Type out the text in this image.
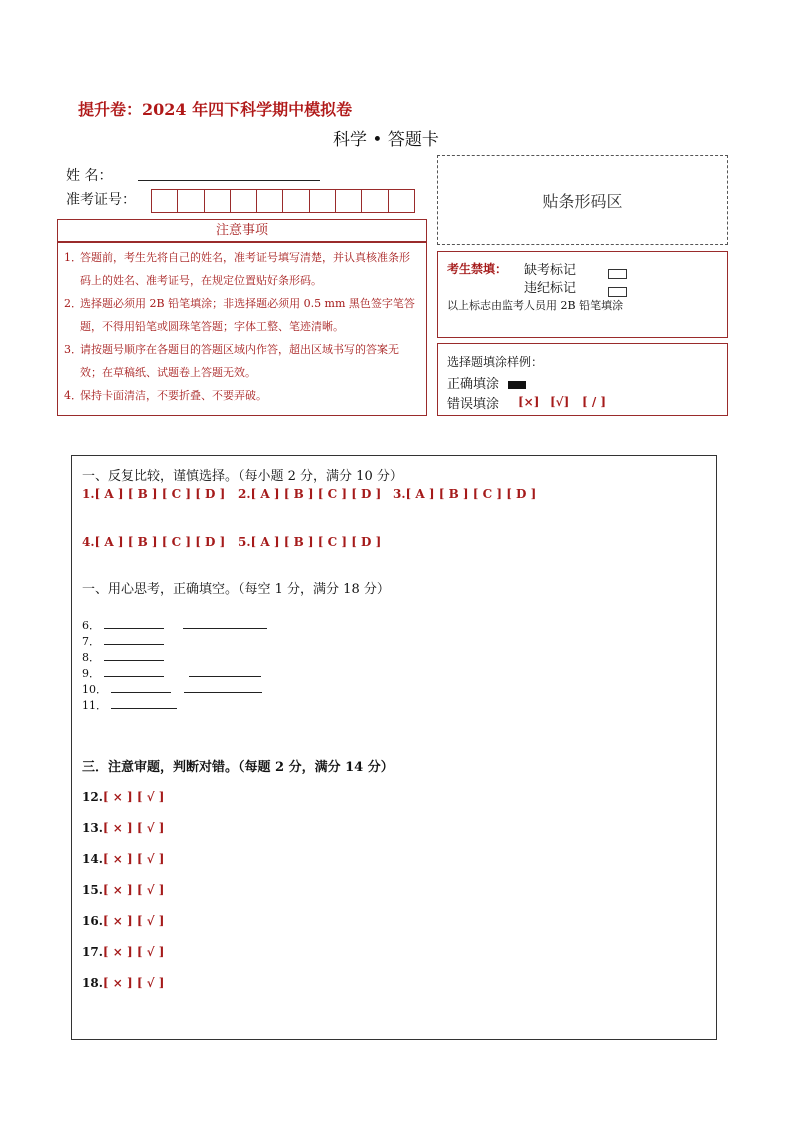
提升卷：2024 年四下科学期中模拟卷
科学 • 答题卡
姓 名：
准考证号：	贴条形码区
注意事项
1．
答题前，考生先将自己的姓名，准考证号填写清楚，并认真核准条形码上的姓名、准考证号，在规定位置贴好条形码。
2．
选择题必须用 2B 铅笔填涂；非选择题必须用 0.5 mm 黑色签字笔答题，不得用铅笔或圆珠笔答题；字体工整、笔迹清晰。
3．
请按题号顺序在各题目的答题区域内作答，超出区域书写的答案无效；在草稿纸、试题卷上答题无效。
4．
保持卡面清洁，不要折叠、不要弄破。
考生禁填： 缺考标记
违纪标记
以上标志由监考人员用 2B 铅笔填涂
选择题填涂样例：
正确填涂
错误填涂 [×] [√] [ / ]
一、反复比较，谨慎选择。（每小题 2 分，满分 10 分）
1.[ A ] [ B ] [ C ] [ D ] 2.[ A ] [ B ] [ C ] [ D ] 3.[ A ] [ B ] [ C ] [ D ]
4.[ A ] [ B ] [ C ] [ D ] 5.[ A ] [ B ] [ C ] [ D ]
一、用心思考，正确填空。（每空 1 分，满分 18 分）
6．
7．
8．
9．
10．
11．
三．注意审题，判断对错。（每题 2 分，满分 14 分）
12.[ × ] [ √ ]
13.[ × ] [ √ ]
14.[ × ] [ √ ]
15.[ × ] [ √ ]
16.[ × ] [ √ ]
17.[ × ] [ √ ]
18.[ × ] [ √ ]
